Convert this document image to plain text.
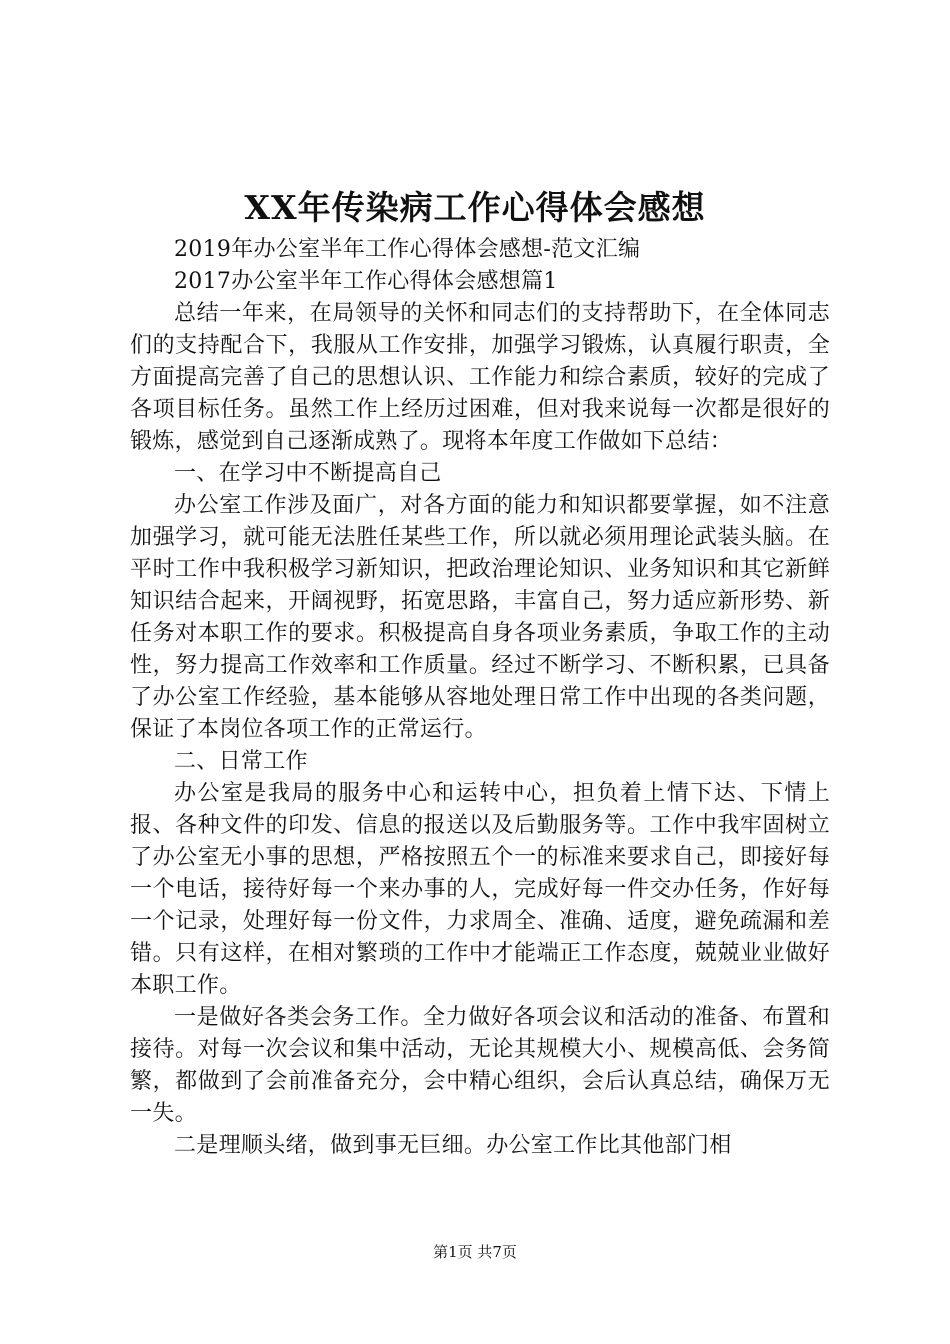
XX年传染病工作心得体会感想

2019年办公室半年工作心得体会感想-范文汇编

2017办公室半年工作心得体会感想篇1

总结一年来，在局领导的关怀和同志们的支持帮助下，在全体同志们的支持配合下，我服从工作安排，加强学习锻炼，认真履行职责，全方面提高完善了自己的思想认识、工作能力和综合素质，较好的完成了各项目标任务。虽然工作上经历过困难，但对我来说每一次都是很好的锻炼，感觉到自己逐渐成熟了。现将本年度工作做如下总结：

一、在学习中不断提高自己

办公室工作涉及面广，对各方面的能力和知识都要掌握，如不注意加强学习，就可能无法胜任某些工作，所以就必须用理论武装头脑。在平时工作中我积极学习新知识，把政治理论知识、业务知识和其它新鲜知识结合起来，开阔视野，拓宽思路，丰富自己，努力适应新形势、新任务对本职工作的要求。积极提高自身各项业务素质，争取工作的主动性，努力提高工作效率和工作质量。经过不断学习、不断积累，已具备了办公室工作经验，基本能够从容地处理日常工作中出现的各类问题，保证了本岗位各项工作的正常运行。

二、日常工作

办公室是我局的服务中心和运转中心，担负着上情下达、下情上报、各种文件的印发、信息的报送以及后勤服务等。工作中我牢固树立了办公室无小事的思想，严格按照五个一的标准来要求自己，即接好每一个电话，接待好每一个来办事的人，完成好每一件交办任务，作好每一个记录，处理好每一份文件，力求周全、准确、适度，避免疏漏和差错。只有这样，在相对繁琐的工作中才能端正工作态度，兢兢业业做好本职工作。

一是做好各类会务工作。全力做好各项会议和活动的准备、布置和接待。对每一次会议和集中活动，无论其规模大小、规模高低、会务简繁，都做到了会前准备充分，会中精心组织，会后认真总结，确保万无一失。

二是理顺头绪，做到事无巨细。办公室工作比其他部门相

第1页 共7页
